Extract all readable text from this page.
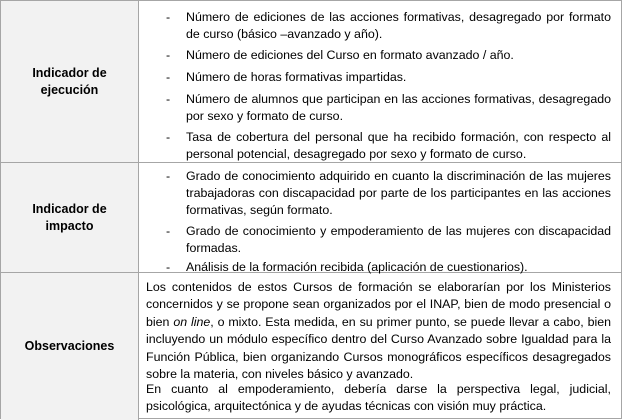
Indicador de ejecución
- Número de ediciones de las acciones formativas, desagregado por formato de curso (básico –avanzado y año).
- Número de ediciones del Curso en formato avanzado / año.
- Número de horas formativas impartidas.
- Número de alumnos que participan en las acciones formativas, desagregado por sexo y formato de curso.
- Tasa de cobertura del personal que ha recibido formación, con respecto al personal potencial, desagregado por sexo y formato de curso.
Indicador de impacto
- Grado de conocimiento adquirido en cuanto la discriminación de las mujeres trabajadoras con discapacidad por parte de los participantes en las acciones formativas, según formato.
- Grado de conocimiento y empoderamiento de las mujeres con discapacidad formadas.
- Análisis de la formación recibida (aplicación de cuestionarios).
Observaciones

Los contenidos de estos Cursos de formación se elaborarían por los Ministerios concernidos y se propone sean organizados por el INAP, bien de modo presencial o bien on line, o mixto. Esta medida, en su primer punto, se puede llevar a cabo, bien incluyendo un módulo específico dentro del Curso Avanzado sobre Igualdad para la Función Pública, bien organizando Cursos monográficos específicos desagregados sobre la materia, con niveles básico y avanzado.

En cuanto al empoderamiento, debería darse la perspectiva legal, judicial, psicológica, arquitectónica y de ayudas técnicas con visión muy práctica.
